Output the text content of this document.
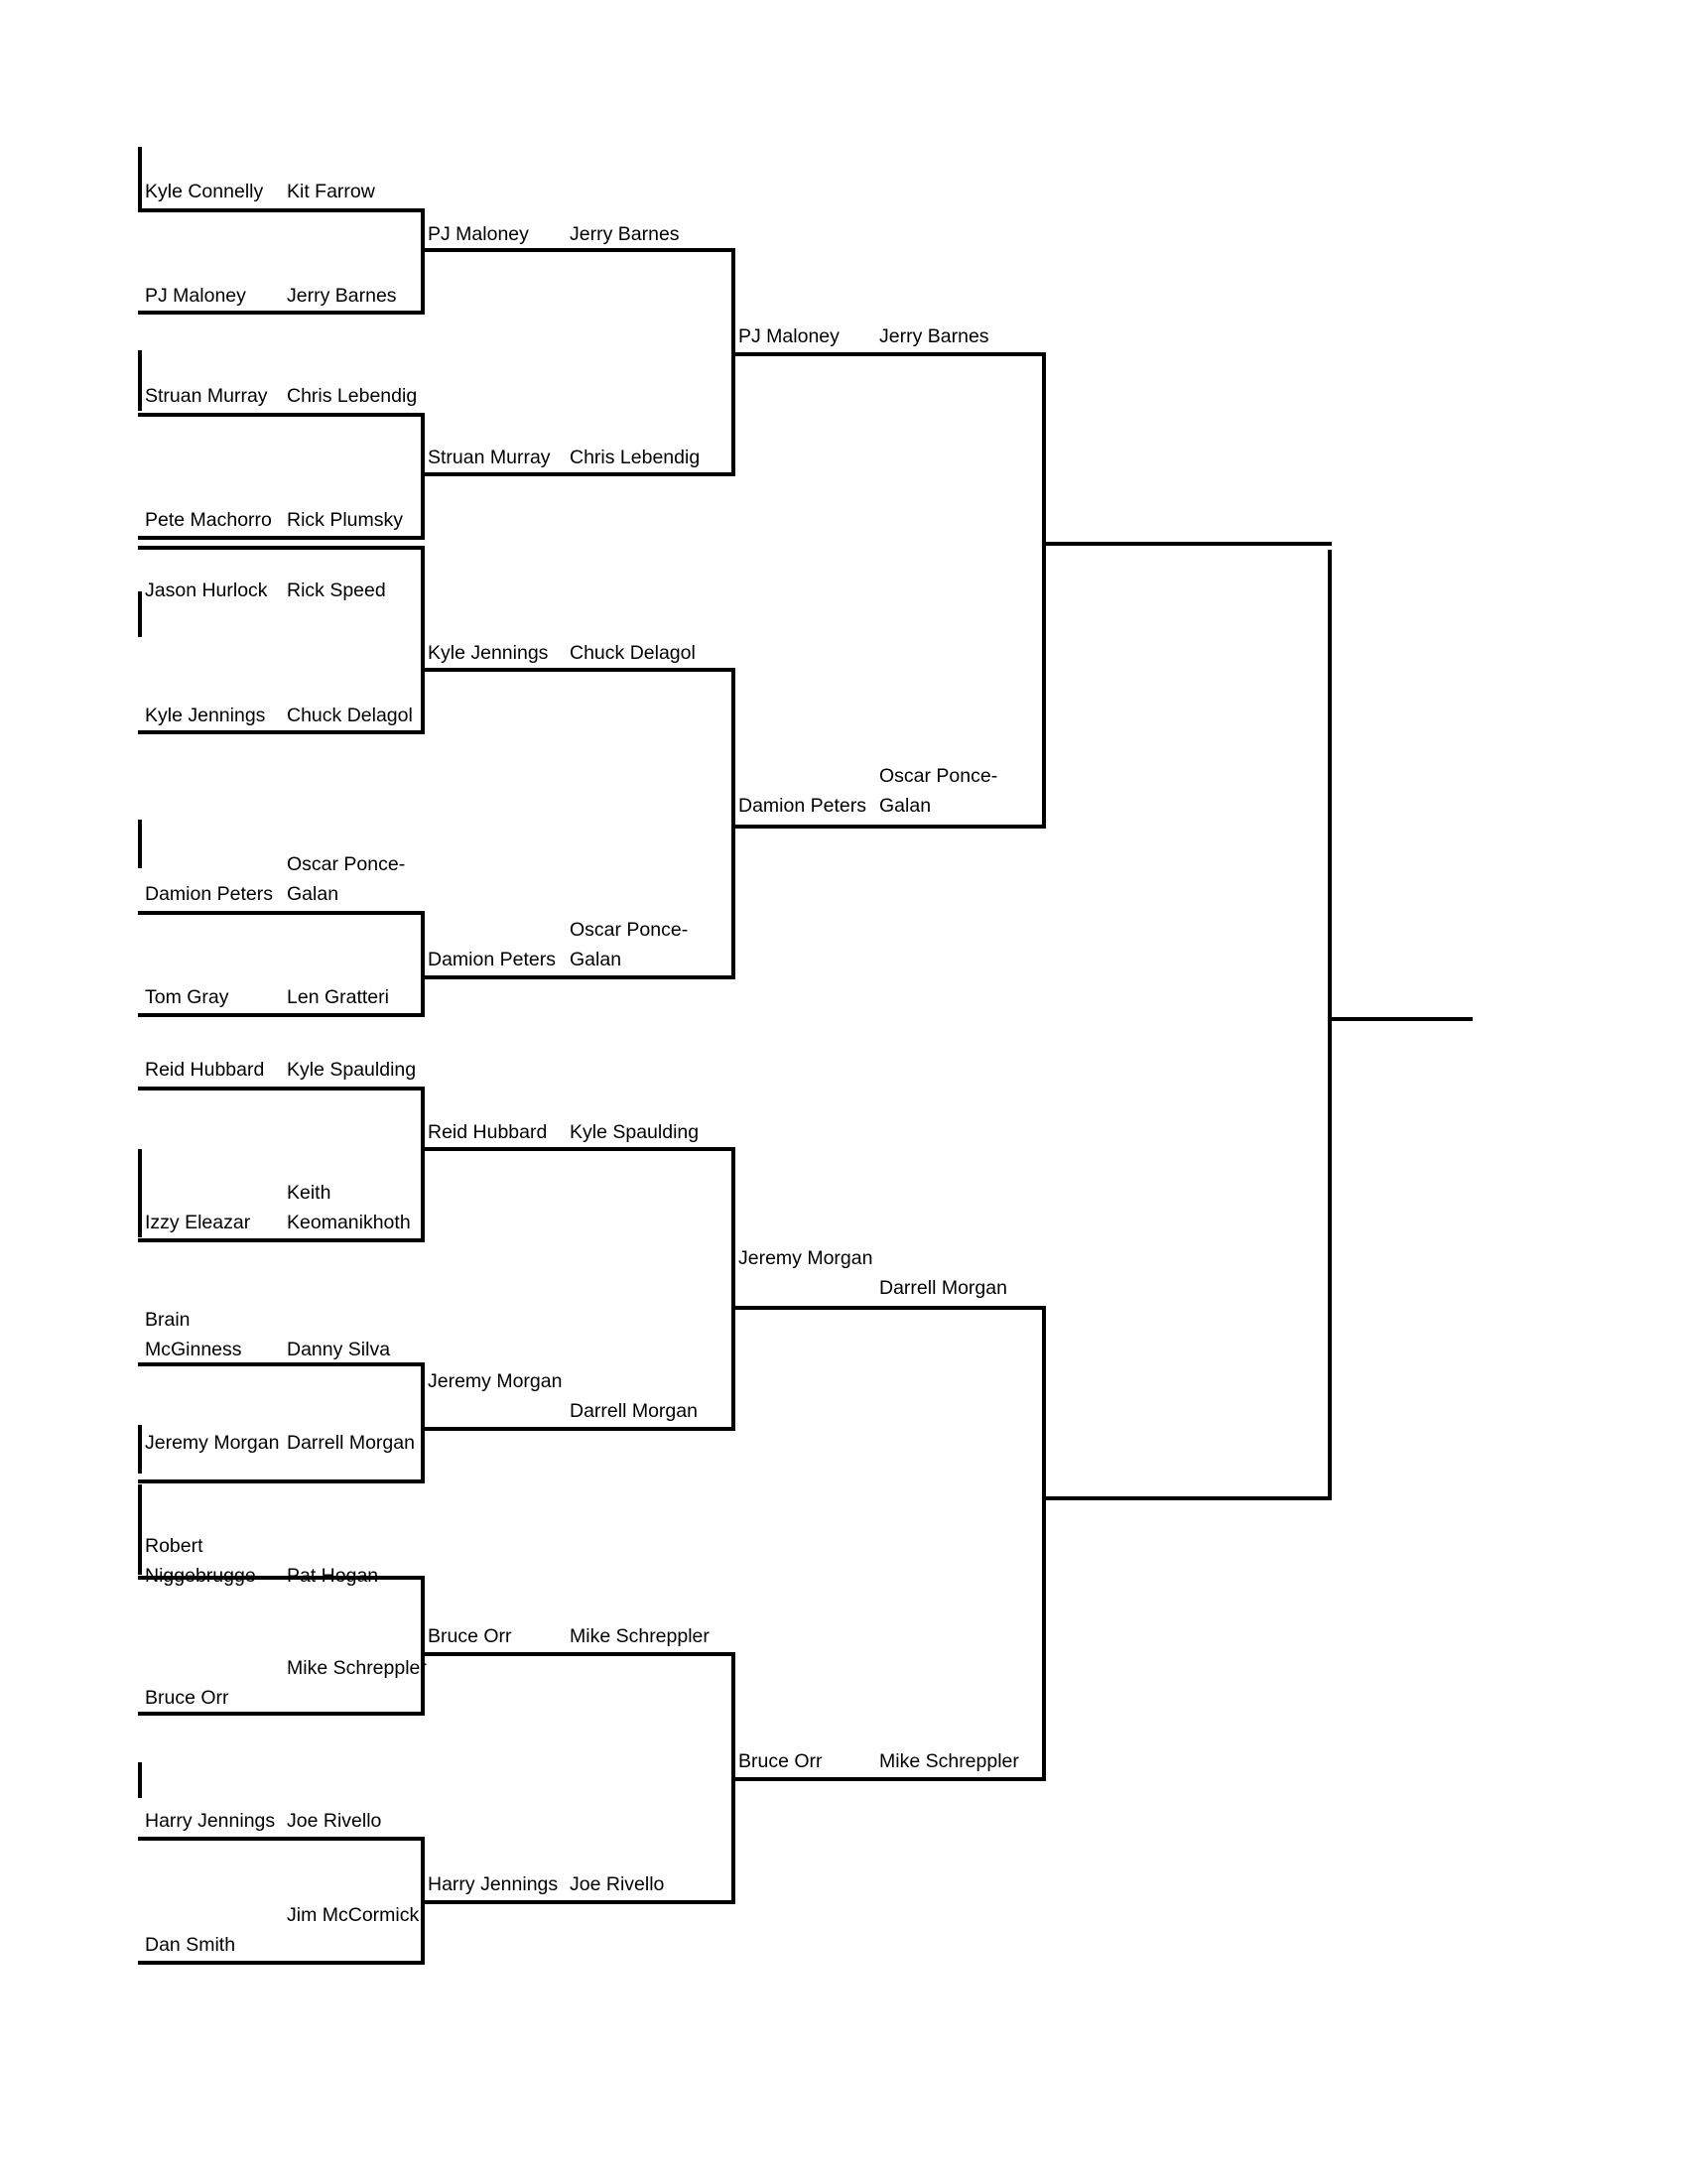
Kyle Connelly	Kit Farrow
PJ Maloney	Jerry Barnes
Struan Murray Chris Lebendig
Pete Machorro Rick Plumsky
Jason Hurlock Rick Speed
Kyle Jennings	Chuck Delagol
Damion Peters
Oscar Ponce-Galan
Tom Gray	Len Gratteri
Reid Hubbard	Kyle Spaulding
Izzy Eleazar
Keith Keomanikhoth
Brain McGinness	Danny Silva
Jeremy Morgan Darrell Morgan
Robert Niggebrugge	Pat Hogan
Bruce Orr
Mike Schreppler
Harry Jennings Joe Rivello
Dan Smith
Jim McCormick
PJ Maloney	Jerry Barnes
Struan Murray Chris Lebendig
Kyle Jennings	Chuck Delagol
Damion Peters
Oscar Ponce-Galan
Reid Hubbard	Kyle Spaulding
Jeremy Morgan
Darrell Morgan
Bruce Orr	Mike Schreppler
Harry Jennings Joe Rivello
PJ Maloney	Jerry Barnes
Damion Peters
Oscar Ponce-Galan
Jeremy Morgan
Darrell Morgan
Bruce Orr	Mike Schreppler
